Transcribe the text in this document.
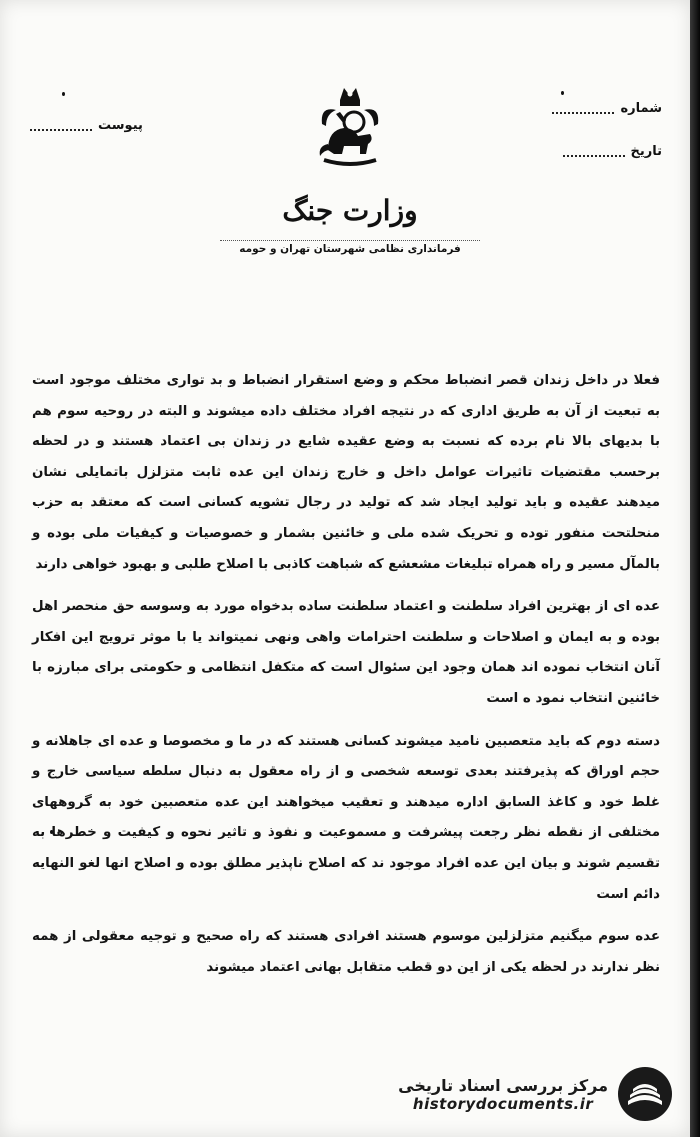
شماره
تاریخ
پیوست
وزارت جنگ
فرمانداری نظامی شهرستان تهران و حومه

فعلا در داخل زندان قصر انضباط محکم و وضع استقرار انضباط و بد تواری مختلف موجود است به تبعیت از آن به طریق اداری که در نتیجه افراد مختلف داده میشوند و البته در روحیه سوم هم با بدیهای بالا نام برده که نسبت به وضع عقیده شایع در زندان بی اعتماد هستند و در لحظه برحسب مقتضیات تاثیرات عوامل داخل و خارج زندان این عده ثابت متزلزل باتمایلی نشان میدهند عقیده و باید تولید ایجاد شد که تولید در رجال تشویه کسانی است که معتقد به حزب منحلتحت منفور توده و تحریک شده ملی و خائنین بشمار و خصوصیات و کیفیات ملی بوده و بالمآل مسیر و راه همراه تبلیغات مشعشع که شباهت کاذبی با اصلاح طلبی و بهبود خواهی دارند

عده ای از بهترین افراد سلطنت و اعتماد سلطنت ساده بدخواه مورد به وسوسه حق منحصر اهل بوده و به ایمان و اصلاحات و سلطنت احترامات واهی ونهی نمیتواند یا با موثر ترویج این افکار آنان انتخاب نموده اند همان وجود این سئوال است که متکفل انتظامی و حکومتی برای مبارزه با خائنین انتخاب نمود ه است

دسته دوم که باید متعصبین نامید میشوند کسانی هستند که در ما و مخصوصا و عده ای جاهلانه و حجم اوراق که پذیرفتند بعدی توسعه شخصی و از راه معقول به دنبال سلطه سیاسی خارج و غلط خود و کاغذ السابق اداره میدهند و تعقیب میخواهند این عده متعصبین خود به گروههای مختلفی از نقطه نظر رجعت پیشرفت و مسموعیت و نفوذ و تاثیر نحوه و کیفیت و خطرها به تقسیم شوند و بیان این عده افراد موجود ند که اصلاح ناپذیر مطلق بوده و اصلاح انها لغو النهایه دائم است

عده سوم میگنیم متزلزلین موسوم هستند افرادی هستند که راه صحیح و توجیه معقولی از همه نظر ندارند در لحظه یکی از این دو قطب متقابل بهانی اعتماد میشوند

مرکز بررسی اسناد تاریخی
historydocuments.ir
